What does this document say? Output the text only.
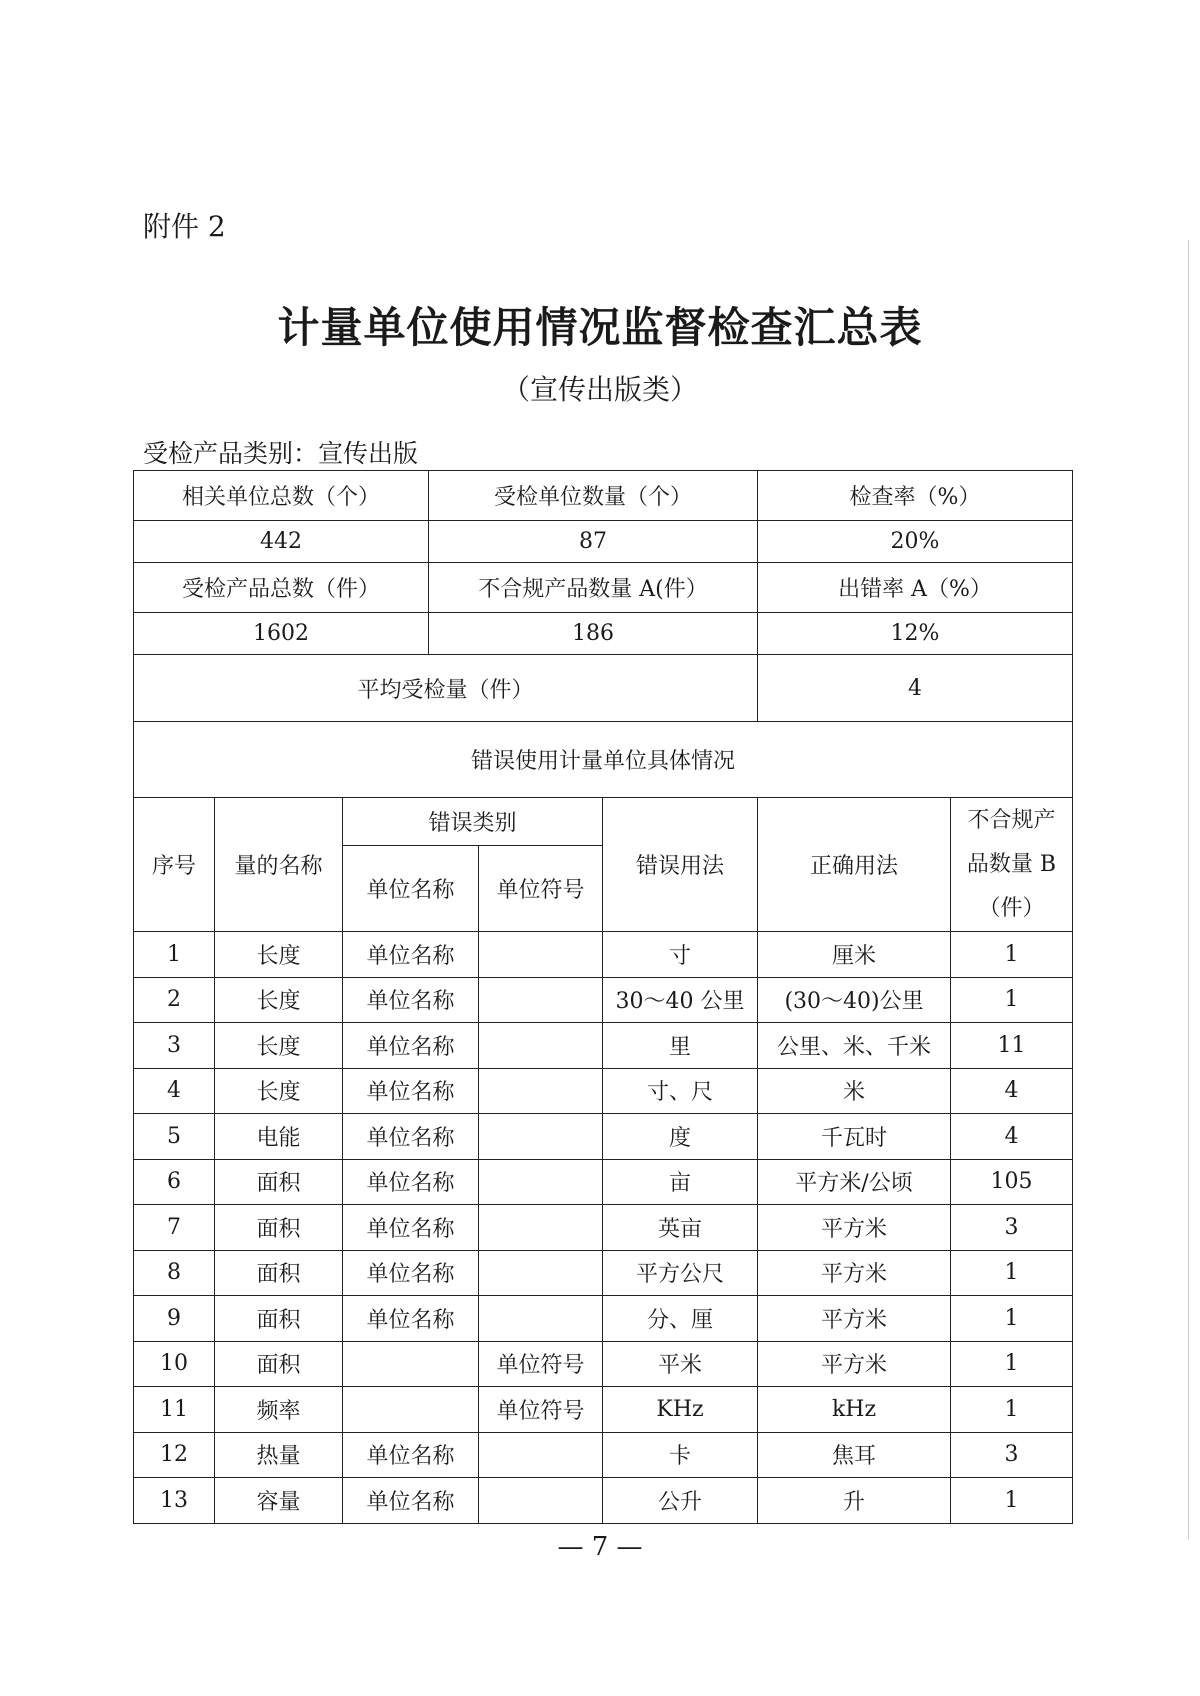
附件 2
计量单位使用情况监督检查汇总表
（宣传出版类）
受检产品类别：宣传出版
相关单位总数（个）	受检单位数量（个）	检查率（%）
442	87	20%
受检产品总数（件）	不合规产品数量 A(件）	出错率 A（%）
1602	186	12%
平均受检量（件）		4
错误使用计量单位具体情况		
序号	量的名称	错误类别		错误用法	正确用法	不合规产品数量 B（件）
		单位名称	单位符号			
1	长度	单位名称		寸	厘米	1
2	长度	单位名称		30～40 公里	(30～40)公里	1
3	长度	单位名称		里	公里、米、千米	11
4	长度	单位名称		寸、尺	米	4
5	电能	单位名称		度	千瓦时	4
6	面积	单位名称		亩	平方米/公顷	105
7	面积	单位名称		英亩	平方米	3
8	面积	单位名称		平方公尺	平方米	1
9	面积	单位名称		分、厘	平方米	1
10	面积		单位符号	平米	平方米	1
11	频率		单位符号	KHz	kHz	1
12	热量	单位名称		卡	焦耳	3
13	容量	单位名称		公升	升	1
— 7 —
